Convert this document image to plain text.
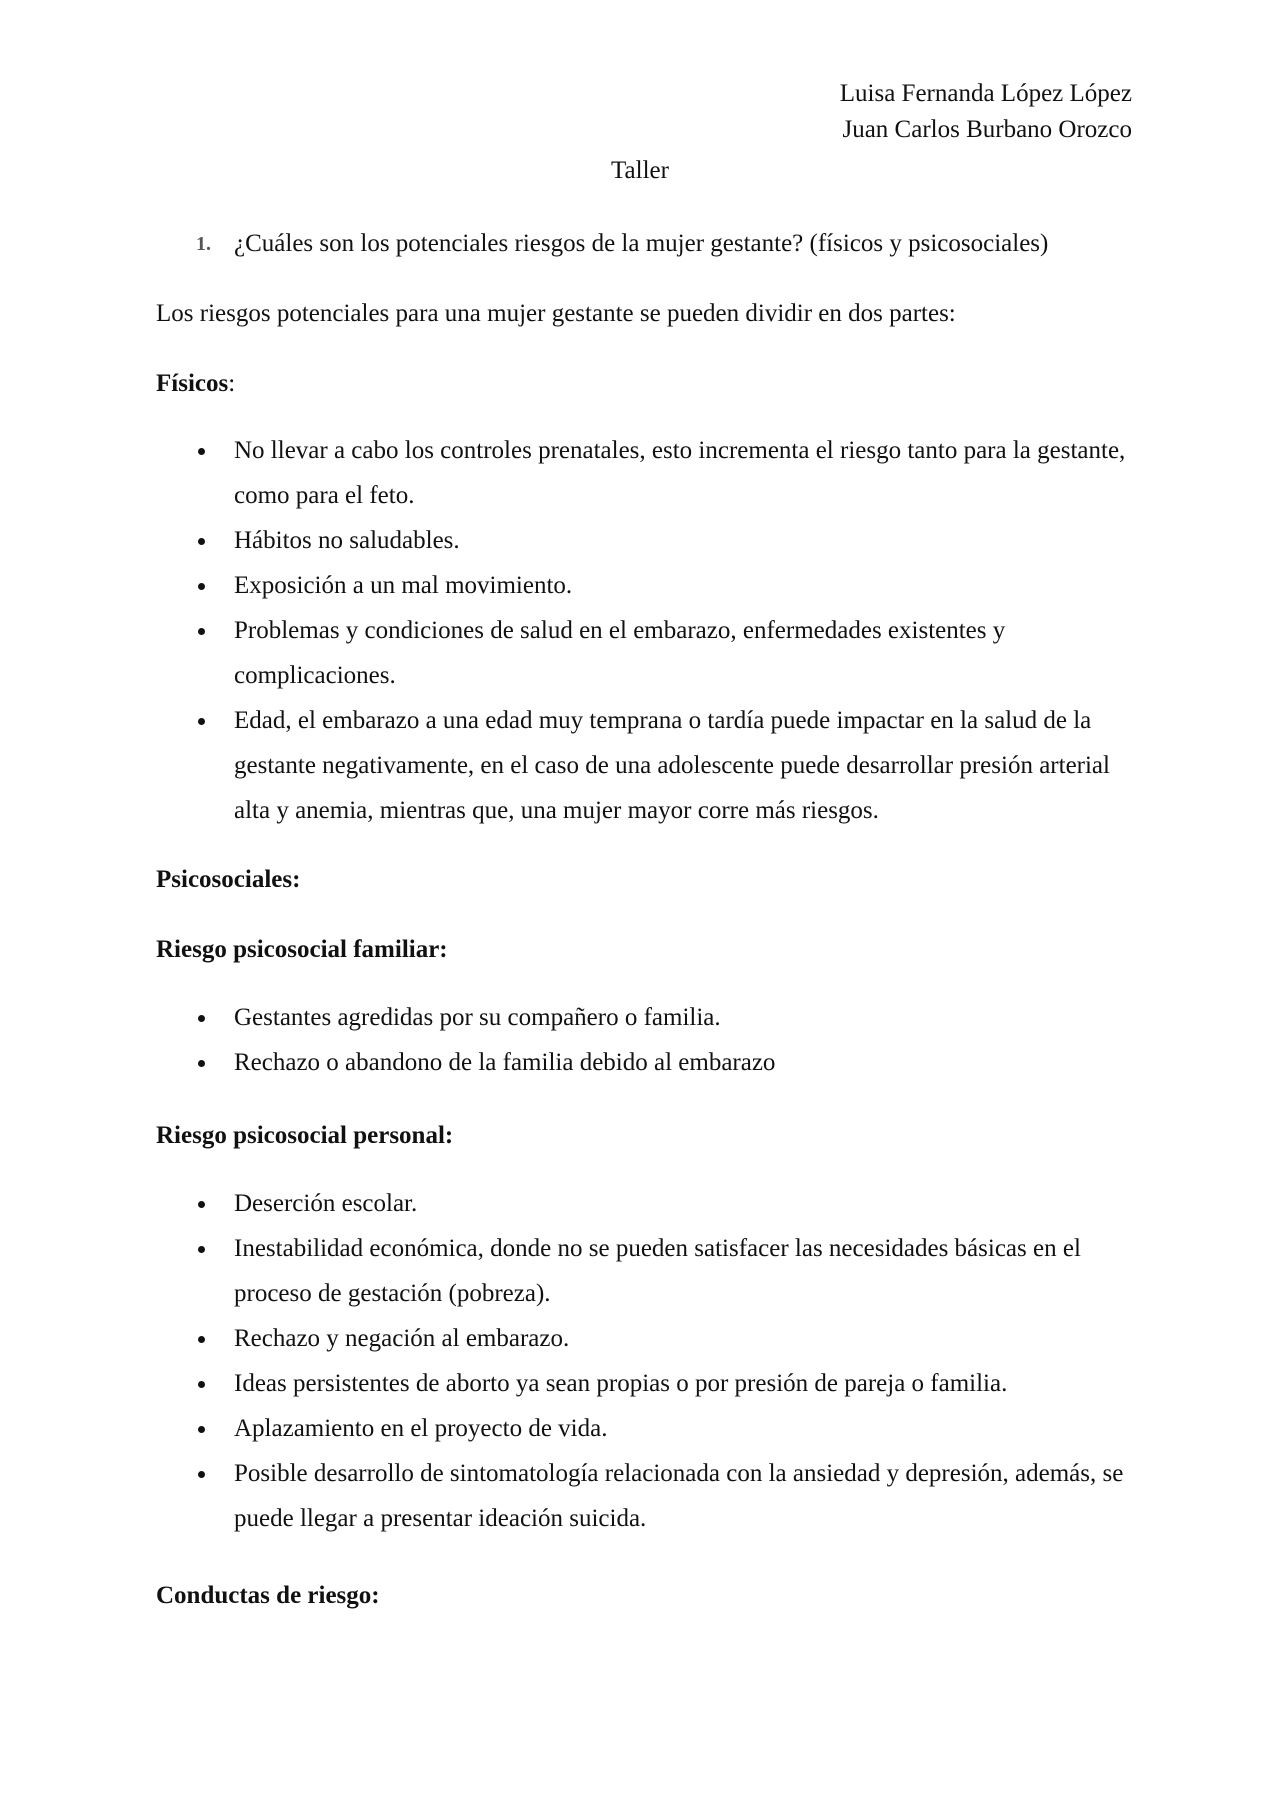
Luisa Fernanda López López
Juan Carlos Burbano Orozco
Taller
1. ¿Cuáles son los potenciales riesgos de la mujer gestante? (físicos y psicosociales)
Los riesgos potenciales para una mujer gestante se pueden dividir en dos partes:
Físicos:
No llevar a cabo los controles prenatales, esto incrementa el riesgo tanto para la gestante, como para el feto.
Hábitos no saludables.
Exposición a un mal movimiento.
Problemas y condiciones de salud en el embarazo, enfermedades existentes y complicaciones.
Edad, el embarazo a una edad muy temprana o tardía puede impactar en la salud de la gestante negativamente, en el caso de una adolescente puede desarrollar presión arterial alta y anemia, mientras que, una mujer mayor corre más riesgos.
Psicosociales:
Riesgo psicosocial familiar:
Gestantes agredidas por su compañero o familia.
Rechazo o abandono de la familia debido al embarazo
Riesgo psicosocial personal:
Deserción escolar.
Inestabilidad económica, donde no se pueden satisfacer las necesidades básicas en el proceso de gestación (pobreza).
Rechazo y negación al embarazo.
Ideas persistentes de aborto ya sean propias o por presión de pareja o familia.
Aplazamiento en el proyecto de vida.
Posible desarrollo de sintomatología relacionada con la ansiedad y depresión, además, se puede llegar a presentar ideación suicida.
Conductas de riesgo:
